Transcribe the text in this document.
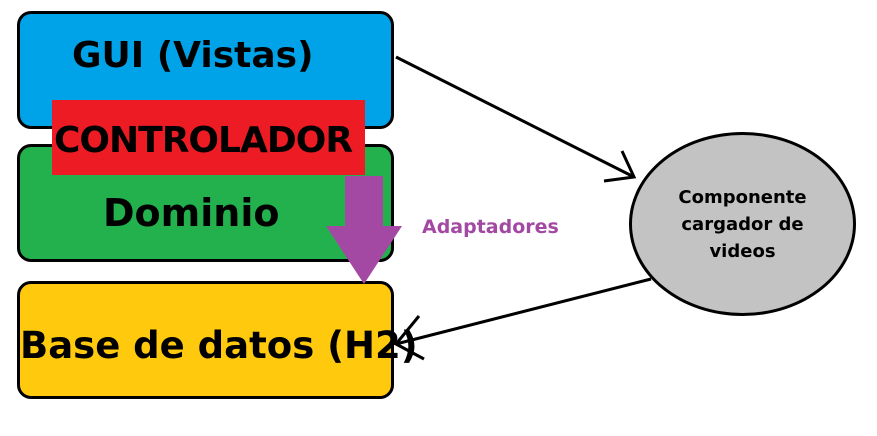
Componente
cargador de
videos
GUI (Vistas)
CONTROLADOR
Dominio
Base de datos (H2)
Adaptadores
